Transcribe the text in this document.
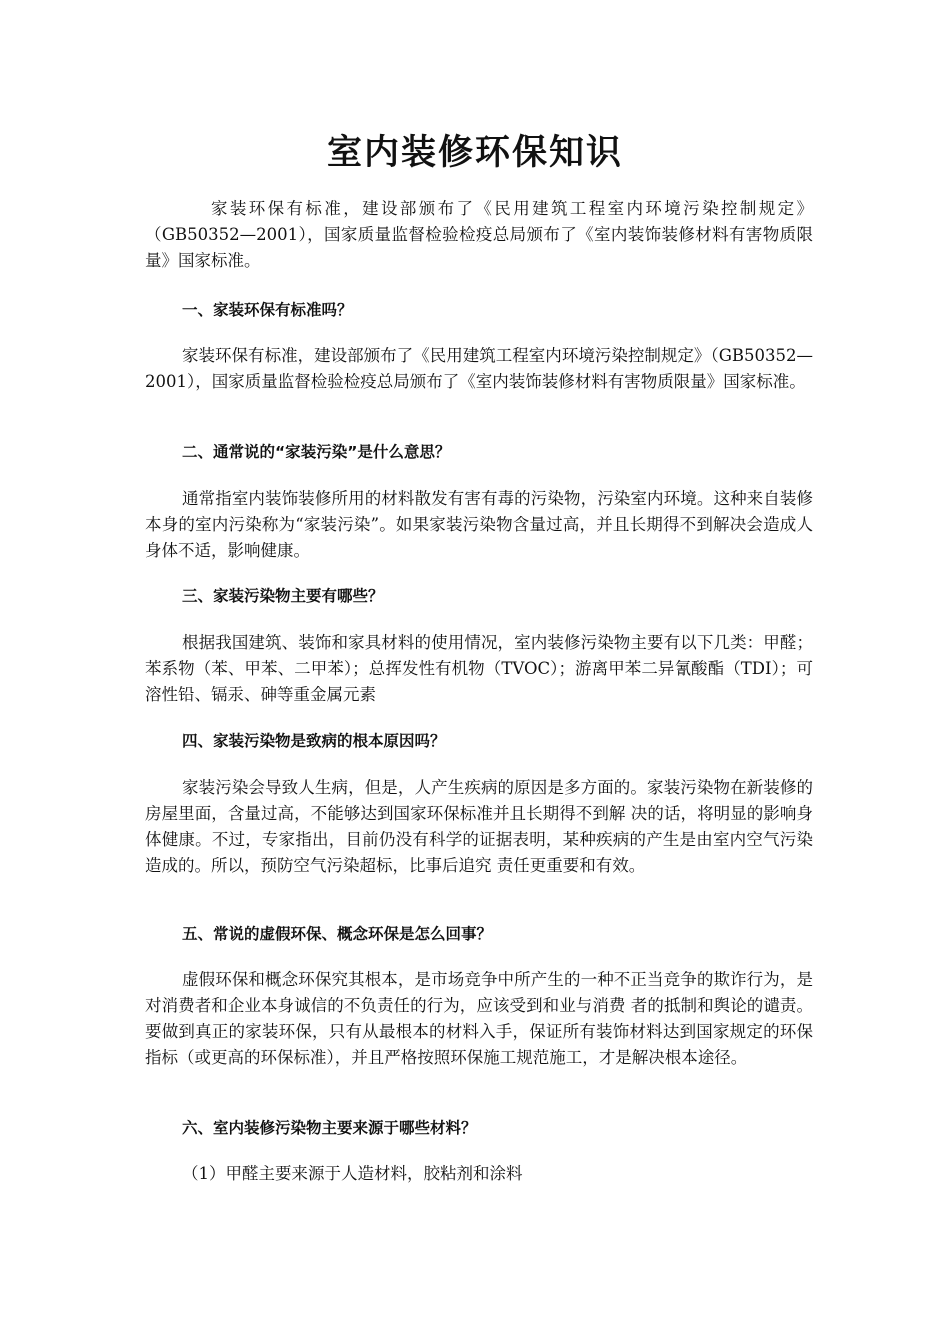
室内装修环保知识

家装环保有标准，建设部颁布了《民用建筑工程室内环境污染控制规定》（GB50352—2001），国家质量监督检验检疫总局颁布了《室内装饰装修材料有害物质限量》国家标准。

一、家装环保有标准吗？

家装环保有标准，建设部颁布了《民用建筑工程室内环境污染控制规定》（GB50352—2001），国家质量监督检验检疫总局颁布了《室内装饰装修材料有害物质限量》国家标准。

二、通常说的“家装污染”是什么意思？

通常指室内装饰装修所用的材料散发有害有毒的污染物，污染室内环境。这种来自装修本身的室内污染称为“家装污染”。如果家装污染物含量过高，并且长期得不到解决会造成人身体不适，影响健康。

三、家装污染物主要有哪些？

根据我国建筑、装饰和家具材料的使用情况，室内装修污染物主要有以下几类：甲醛；苯系物（苯、甲苯、二甲苯）；总挥发性有机物（TVOC）；游离甲苯二异氰酸酯（TDI）；可溶性铅、镉汞、砷等重金属元素

四、家装污染物是致病的根本原因吗？

家装污染会导致人生病，但是，人产生疾病的原因是多方面的。家装污染物在新装修的房屋里面，含量过高，不能够达到国家环保标准并且长期得不到解 决的话，将明显的影响身体健康。不过，专家指出，目前仍没有科学的证据表明，某种疾病的产生是由室内空气污染造成的。所以，预防空气污染超标，比事后追究 责任更重要和有效。

五、常说的虚假环保、概念环保是怎么回事？

虚假环保和概念环保究其根本，是市场竞争中所产生的一种不正当竞争的欺诈行为，是对消费者和企业本身诚信的不负责任的行为，应该受到和业与消费 者的抵制和舆论的谴责。要做到真正的家装环保，只有从最根本的材料入手，保证所有装饰材料达到国家规定的环保指标（或更高的环保标准），并且严格按照环保施工规范施工，才是解决根本途径。

六、室内装修污染物主要来源于哪些材料？

（1）甲醛主要来源于人造材料，胶粘剂和涂料
